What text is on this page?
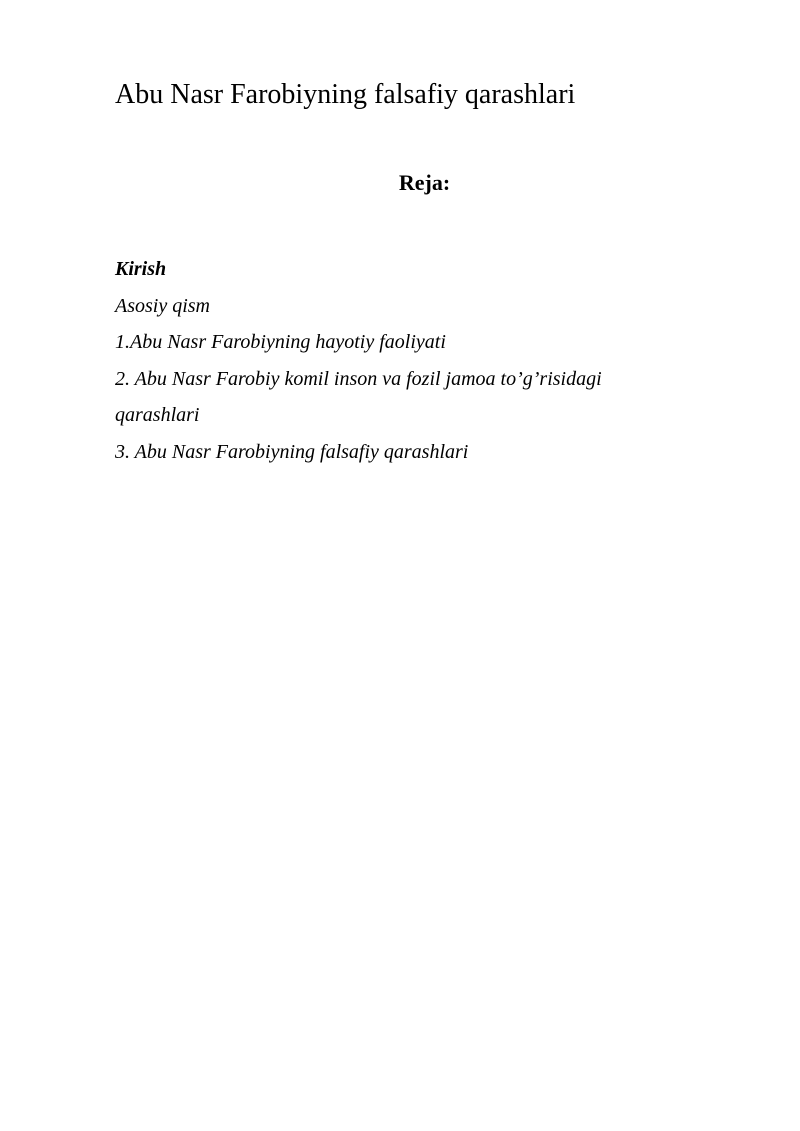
Abu Nasr Farobiyning falsafiy qarashlari
Reja:
Kirish
Asosiy qism
1.Abu Nasr Farobiyning hayotiy faoliyati
2. Abu Nasr Farobiy komil inson va fozil jamoa to’g’risidagi
qarashlari
3. Abu Nasr Farobiyning falsafiy qarashlari
